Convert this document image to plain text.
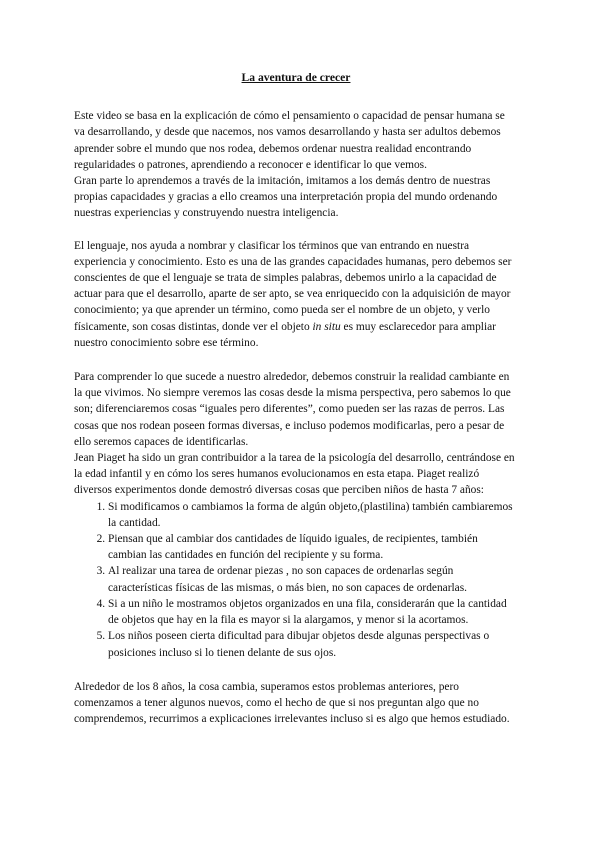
La aventura de crecer

Este video se basa en la explicación de cómo el pensamiento o capacidad de pensar humana se va desarrollando, y desde que nacemos, nos vamos desarrollando y hasta ser adultos debemos aprender sobre el mundo que nos rodea, debemos ordenar nuestra realidad encontrando regularidades o patrones, aprendiendo a reconocer e identificar lo que vemos.
Gran parte lo aprendemos a través de la imitación, imitamos a los demás dentro de nuestras propias capacidades y gracias a ello creamos una interpretación propia del mundo ordenando nuestras experiencias y construyendo nuestra inteligencia.

El lenguaje, nos ayuda a nombrar y clasificar los términos que van entrando en nuestra experiencia y conocimiento. Esto es una de las grandes capacidades humanas, pero debemos ser conscientes de que el lenguaje se trata de simples palabras, debemos unirlo a la capacidad de actuar para que el desarrollo, aparte de ser apto, se vea enriquecido con la adquisición de mayor conocimiento; ya que aprender un término, como pueda ser el nombre de un objeto, y verlo físicamente, son cosas distintas, donde ver el objeto in situ es muy esclarecedor para ampliar nuestro conocimiento sobre ese término.

Para comprender lo que sucede a nuestro alrededor, debemos construir la realidad cambiante en la que vivimos. No siempre veremos las cosas desde la misma perspectiva, pero sabemos lo que son; diferenciaremos cosas “iguales pero diferentes”, como pueden ser las razas de perros. Las cosas que nos rodean poseen formas diversas, e incluso podemos modificarlas, pero a pesar de ello seremos capaces de identificarlas.

Jean Piaget ha sido un gran contribuidor a la tarea de la psicología del desarrollo, centrándose en la edad infantil y en cómo los seres humanos evolucionamos en esta etapa. Piaget realizó diversos experimentos donde demostró diversas cosas que perciben niños de hasta 7 años:

1. Si modificamos o cambiamos la forma de algún objeto,(plastilina) también cambiaremos la cantidad.
2. Piensan que al cambiar dos cantidades de líquido iguales, de recipientes, también cambian las cantidades en función del recipiente y su forma.
3. Al realizar una tarea de ordenar piezas , no son capaces de ordenarlas según características físicas de las mismas, o más bien, no son capaces de ordenarlas.
4. Si a un niño le mostramos objetos organizados en una fila, considerarán que la cantidad de objetos que hay en la fila es mayor si la alargamos, y menor si la acortamos.
5. Los niños poseen cierta dificultad para dibujar objetos desde algunas perspectivas o posiciones incluso si lo tienen delante de sus ojos.

Alrededor de los 8 años, la cosa cambia, superamos estos problemas anteriores, pero comenzamos a tener algunos nuevos, como el hecho de que si nos preguntan algo que no comprendemos, recurrimos a explicaciones irrelevantes incluso si es algo que hemos estudiado.
